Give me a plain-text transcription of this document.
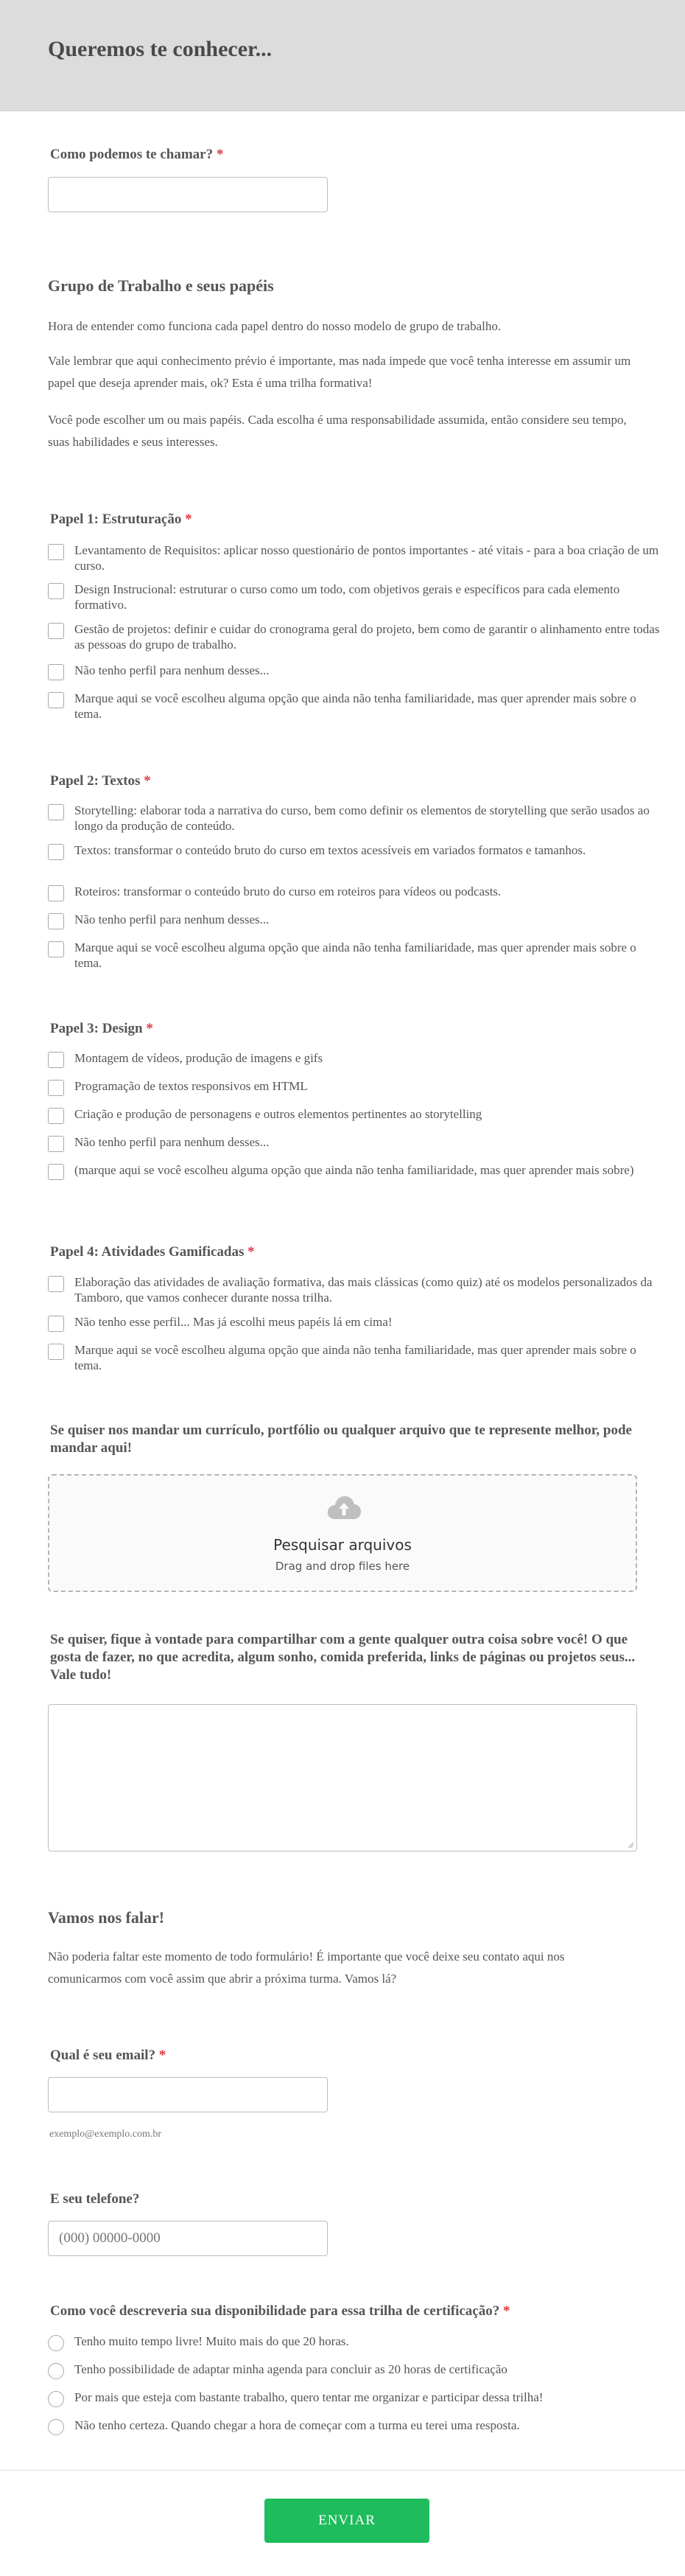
Queremos te conhecer...
Como podemos te chamar? *
Grupo de Trabalho e seus papéis
Hora de entender como funciona cada papel dentro do nosso modelo de grupo de trabalho.
Vale lembrar que aqui conhecimento prévio é importante, mas nada impede que você tenha interesse em assumir um papel que deseja aprender mais, ok? Esta é uma trilha formativa!
Você pode escolher um ou mais papéis. Cada escolha é uma responsabilidade assumida, então considere seu tempo, suas habilidades e seus interesses.
Papel 1: Estruturação *
Levantamento de Requisitos: aplicar nosso questionário de pontos importantes - até vitais - para a boa criação de um curso.
Design Instrucional: estruturar o curso como um todo, com objetivos gerais e específicos para cada elemento formativo.
Gestão de projetos: definir e cuidar do cronograma geral do projeto, bem como de garantir o alinhamento entre todas as pessoas do grupo de trabalho.
Não tenho perfil para nenhum desses...
Marque aqui se você escolheu alguma opção que ainda não tenha familiaridade, mas quer aprender mais sobre o tema.
Papel 2: Textos *
Storytelling: elaborar toda a narrativa do curso, bem como definir os elementos de storytelling que serão usados ao longo da produção de conteúdo.
Textos: transformar o conteúdo bruto do curso em textos acessíveis em variados formatos e tamanhos.
Roteiros: transformar o conteúdo bruto do curso em roteiros para vídeos ou podcasts.
Não tenho perfil para nenhum desses...
Marque aqui se você escolheu alguma opção que ainda não tenha familiaridade, mas quer aprender mais sobre o tema.
Papel 3: Design *
Montagem de vídeos, produção de imagens e gifs
Programação de textos responsivos em HTML
Criação e produção de personagens e outros elementos pertinentes ao storytelling
Não tenho perfil para nenhum desses...
(marque aqui se você escolheu alguma opção que ainda não tenha familiaridade, mas quer aprender mais sobre)
Papel 4: Atividades Gamificadas *
Elaboração das atividades de avaliação formativa, das mais clássicas (como quiz) até os modelos personalizados da Tamboro, que vamos conhecer durante nossa trilha.
Não tenho esse perfil... Mas já escolhi meus papéis lá em cima!
Marque aqui se você escolheu alguma opção que ainda não tenha familiaridade, mas quer aprender mais sobre o tema.
Se quiser nos mandar um currículo, portfólio ou qualquer arquivo que te represente melhor, pode mandar aqui!
Pesquisar arquivos
Drag and drop files here
Se quiser, fique à vontade para compartilhar com a gente qualquer outra coisa sobre você! O que gosta de fazer, no que acredita, algum sonho, comida preferida, links de páginas ou projetos seus... Vale tudo!
Vamos nos falar!
Não poderia faltar este momento de todo formulário! É importante que você deixe seu contato aqui nos comunicarmos com você assim que abrir a próxima turma. Vamos lá?
Qual é seu email? *
exemplo@exemplo.com.br
E seu telefone?
(000) 00000-0000
Como você descreveria sua disponibilidade para essa trilha de certificação? *
Tenho muito tempo livre! Muito mais do que 20 horas.
Tenho possibilidade de adaptar minha agenda para concluir as 20 horas de certificação
Por mais que esteja com bastante trabalho, quero tentar me organizar e participar dessa trilha!
Não tenho certeza. Quando chegar a hora de começar com a turma eu terei uma resposta.
ENVIAR
